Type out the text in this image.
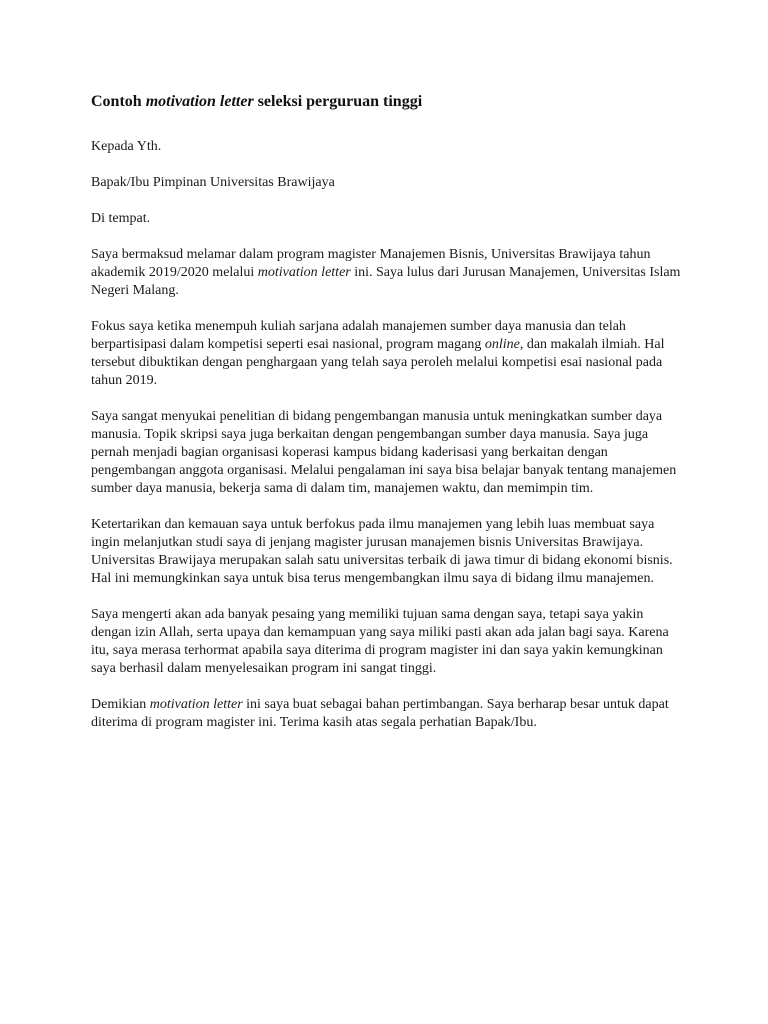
Contoh motivation letter seleksi perguruan tinggi
Kepada Yth.
Bapak/Ibu Pimpinan Universitas Brawijaya
Di tempat.

Saya bermaksud melamar dalam program magister Manajemen Bisnis, Universitas Brawijaya tahun akademik 2019/2020 melalui motivation letter ini. Saya lulus dari Jurusan Manajemen, Universitas Islam Negeri Malang.

Fokus saya ketika menempuh kuliah sarjana adalah manajemen sumber daya manusia dan telah berpartisipasi dalam kompetisi seperti esai nasional, program magang online, dan makalah ilmiah. Hal tersebut dibuktikan dengan penghargaan yang telah saya peroleh melalui kompetisi esai nasional pada tahun 2019.

Saya sangat menyukai penelitian di bidang pengembangan manusia untuk meningkatkan sumber daya manusia. Topik skripsi saya juga berkaitan dengan pengembangan sumber daya manusia. Saya juga pernah menjadi bagian organisasi koperasi kampus bidang kaderisasi yang berkaitan dengan pengembangan anggota organisasi. Melalui pengalaman ini saya bisa belajar banyak tentang manajemen sumber daya manusia, bekerja sama di dalam tim, manajemen waktu, dan memimpin tim.

Ketertarikan dan kemauan saya untuk berfokus pada ilmu manajemen yang lebih luas membuat saya ingin melanjutkan studi saya di jenjang magister jurusan manajemen bisnis Universitas Brawijaya. Universitas Brawijaya merupakan salah satu universitas terbaik di jawa timur di bidang ekonomi bisnis. Hal ini memungkinkan saya untuk bisa terus mengembangkan ilmu saya di bidang ilmu manajemen.

Saya mengerti akan ada banyak pesaing yang memiliki tujuan sama dengan saya, tetapi saya yakin dengan izin Allah, serta upaya dan kemampuan yang saya miliki pasti akan ada jalan bagi saya. Karena itu, saya merasa terhormat apabila saya diterima di program magister ini dan saya yakin kemungkinan saya berhasil dalam menyelesaikan program ini sangat tinggi.

Demikian motivation letter ini saya buat sebagai bahan pertimbangan. Saya berharap besar untuk dapat diterima di program magister ini. Terima kasih atas segala perhatian Bapak/Ibu.
